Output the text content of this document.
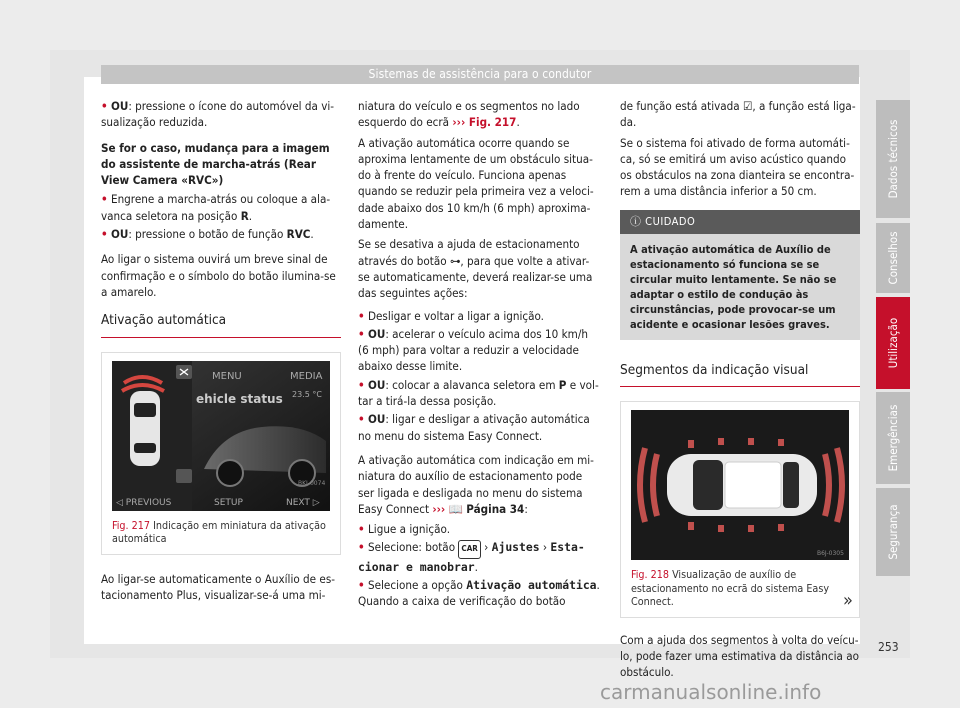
Sistemas de assistência para o condutor

• OU: pressione o ícone do automóvel da visualização reduzida.

Se for o caso, mudança para a imagem do assistente de marcha-atrás (Rear View Camera «RVC»)

• Engrene a marcha-atrás ou coloque a alavanca seletora na posição R.

• OU: pressione o botão de função RVC.

Ao ligar o sistema ouvirá um breve sinal de confirmação e o símbolo do botão ilumina-se a amarelo.

Ativação automática
MENU	MEDIA
ehicle status 23.5 °C
◁ PREVIOUS	SETUP	NEXT ▷
BKI-0074
Fig. 217 Indicação em miniatura da ativação automática

Ao ligar-se automaticamente o Auxílio de estacionamento Plus, visualizar-se-á uma mi-

niatura do veículo e os segmentos no lado esquerdo do ecrã ››› Fig. 217.

A ativação automática ocorre quando se aproxima lentamente de um obstáculo situado à frente do veículo. Funciona apenas quando se reduzir pela primeira vez a velocidade abaixo dos 10 km/h (6 mph) aproximadamente.

Se se desativa a ajuda de estacionamento através do botão ⊶, para que volte a ativar-se automaticamente, deverá realizar-se uma das seguintes ações:

• Desligar e voltar a ligar a ignição.

• OU: acelerar o veículo acima dos 10 km/h (6 mph) para voltar a reduzir a velocidade abaixo desse limite.

• OU: colocar a alavanca seletora em P e voltar a tirá-la dessa posição.

• OU: ligar e desligar a ativação automática no menu do sistema Easy Connect.

A ativação automática com indicação em miniatura do auxílio de estacionamento pode ser ligada e desligada no menu do sistema Easy Connect ››› 📖 Página 34:

• Ligue a ignição.

• Selecione: botão CAR › Ajustes › Estacionar e manobrar.

• Selecione a opção Ativação automática. Quando a caixa de verificação do botão

de função está ativada ☑, a função está ligada.

Se o sistema foi ativado de forma automática, só se emitirá um aviso acústico quando os obstáculos na zona dianteira se encontrarem a uma distância inferior a 50 cm.

ⓘ CUIDADO
A ativação automática de Auxílio de estacionamento só funciona se se circular muito lentamente. Se não se adaptar o estilo de condução às circunstâncias, pode provocar-se um acidente e ocasionar lesões graves.
Segmentos da indicação visual
B6J-0305
Fig. 218 Visualização de auxílio de estacionamento no ecrã do sistema Easy Connect.

Com a ajuda dos segmentos à volta do veículo, pode fazer uma estimativa da distância ao obstáculo.

Dados técnicos
Conselhos
Utilização
Emergências
Segurança
»
253
carmanualsonline.info
